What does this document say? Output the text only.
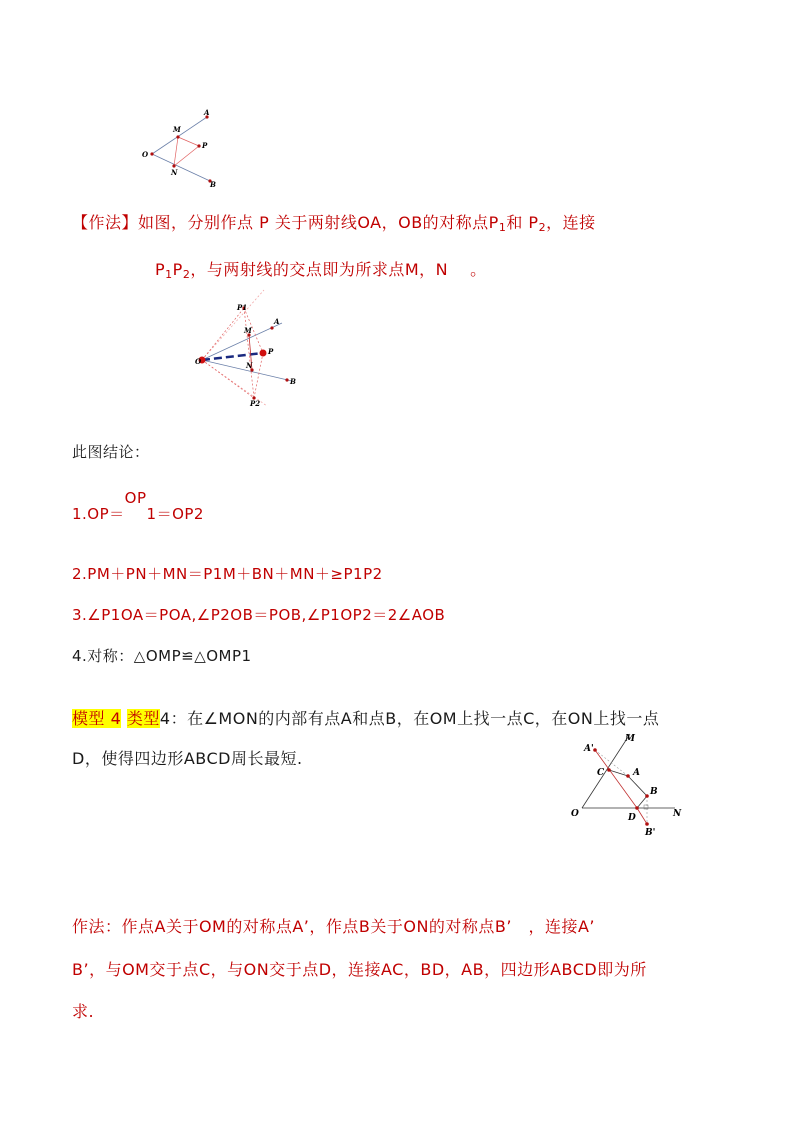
A
M
P
O
N
B
【作法】如图，分别作点 P 关于两射线OA，OB的对称点$P_1$和 $P_2$，连接
$P_1P_2$，与两射线的交点即为所求点M，N　 。
P1
A
M
P
O	N
B
P2
此图结论：
1.OP＝OP1＝OP2
2.PM＋PN＋MN＝P1M＋BN＋MN＋≥P1P2
3.∠P1OA＝POA,∠P2OB＝POB,∠P1OP2＝2∠AOB
4.对称：△OMP≌△OMP1
模型 4 类型4：在∠MON的内部有点A和点B，在OM上找一点C，在ON上找一点
D，使得四边形ABCD周长最短.	A'
M
C	A
B
O	D	N
B'
作法：作点A关于OM的对称点A’，作点B关于ON的对称点B’　，连接A’
B’，与OM交于点C，与ON交于点D，连接AC，BD，AB，四边形ABCD即为所
求.
